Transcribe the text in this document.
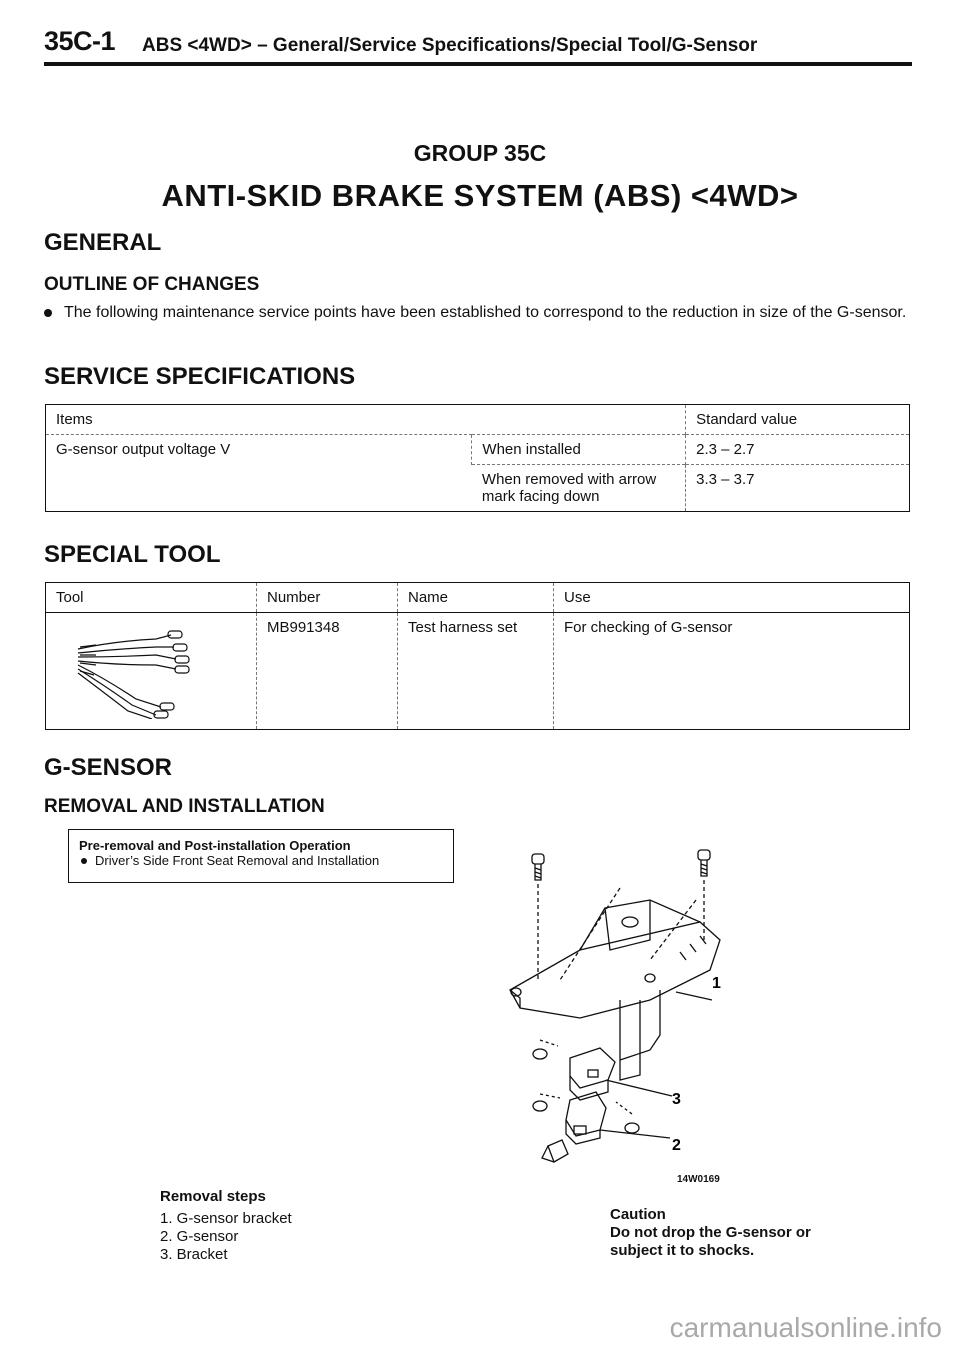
35C-1 ABS <4WD> – General/Service Specifications/Special Tool/G-Sensor
GROUP 35C
ANTI-SKID BRAKE SYSTEM (ABS) <4WD>
GENERAL
OUTLINE OF CHANGES
The following maintenance service points have been established to correspond to the reduction in size of the G-sensor.
SERVICE SPECIFICATIONS
Items		Standard value
G-sensor output voltage V	When installed	2.3 – 2.7
	When removed with arrow mark facing down	3.3 – 3.7
SPECIAL TOOL
Tool	Number	Name	Use
	MB991348	Test harness set	For checking of G-sensor
G-SENSOR
REMOVAL AND INSTALLATION
Pre-removal and Post-installation Operation
Driver’s Side Front Seat Removal and Installation
1
3
2
14W0169
Removal steps
1. G-sensor bracket
2. G-sensor
3. Bracket
Caution
Do not drop the G-sensor or
subject it to shocks.
carmanualsonline.info
